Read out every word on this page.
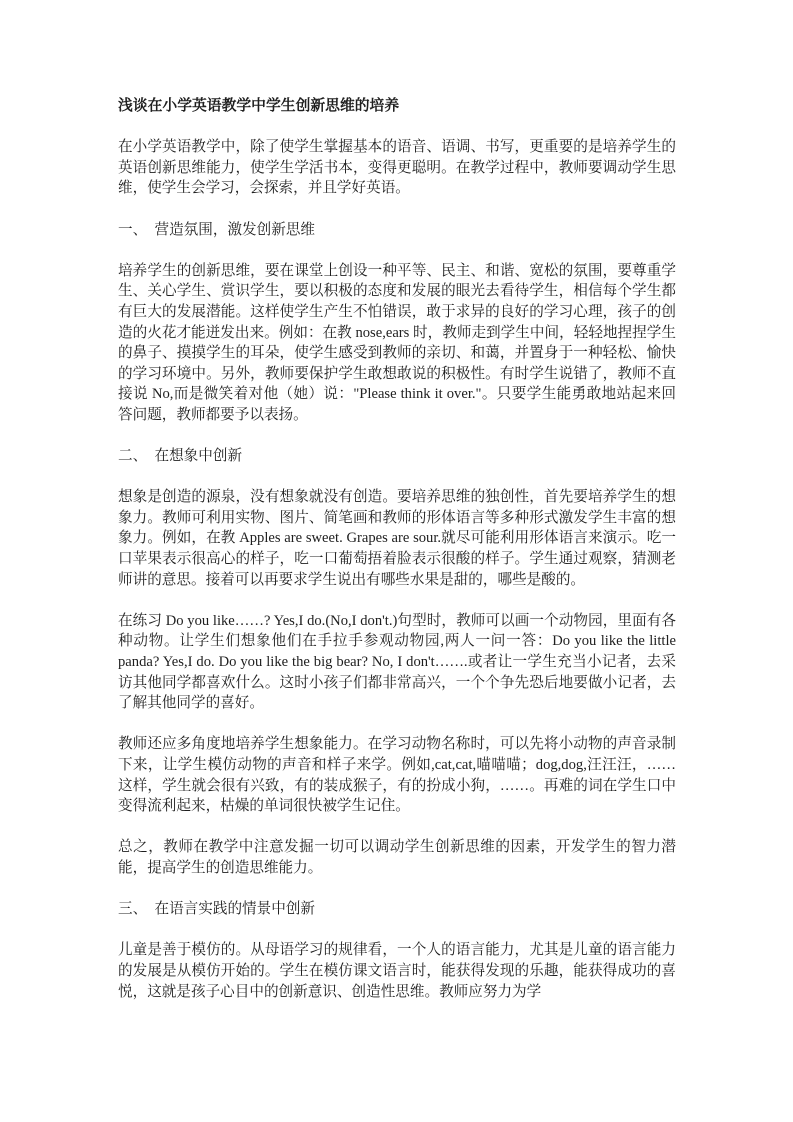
浅谈在小学英语教学中学生创新思维的培养

在小学英语教学中，除了使学生掌握基本的语音、语调、书写，更重要的是培养学生的英语创新思维能力，使学生学活书本，变得更聪明。在教学过程中，教师要调动学生思维，使学生会学习，会探索，并且学好英语。

一、　营造氛围，激发创新思维

培养学生的创新思维，要在课堂上创设一种平等、民主、和谐、宽松的氛围，要尊重学生、关心学生、赏识学生，要以积极的态度和发展的眼光去看待学生，相信每个学生都有巨大的发展潜能。这样使学生产生不怕错误，敢于求异的良好的学习心理，孩子的创造的火花才能迸发出来。例如：在教 nose,ears 时，教师走到学生中间，轻轻地捏捏学生的鼻子、摸摸学生的耳朵，使学生感受到教师的亲切、和蔼，并置身于一种轻松、愉快的学习环境中。另外，教师要保护学生敢想敢说的积极性。有时学生说错了，教师不直接说 No,而是微笑着对他（她）说："Please think it over."。只要学生能勇敢地站起来回答问题，教师都要予以表扬。

二、　在想象中创新

想象是创造的源泉，没有想象就没有创造。要培养思维的独创性，首先要培养学生的想象力。教师可利用实物、图片、简笔画和教师的形体语言等多种形式激发学生丰富的想象力。例如，在教 Apples are sweet. Grapes are sour.就尽可能利用形体语言来演示。吃一口苹果表示很高心的样子，吃一口葡萄捂着脸表示很酸的样子。学生通过观察，猜测老师讲的意思。接着可以再要求学生说出有哪些水果是甜的，哪些是酸的。

在练习 Do you like……? Yes,I do.(No,I don't.)句型时，教师可以画一个动物园，里面有各种动物。让学生们想象他们在手拉手参观动物园,两人一问一答：Do you like the little panda? Yes,I do. Do you like the big bear? No, I don't…….或者让一学生充当小记者，去采访其他同学都喜欢什么。这时小孩子们都非常高兴，一个个争先恐后地要做小记者，去了解其他同学的喜好。

教师还应多角度地培养学生想象能力。在学习动物名称时，可以先将小动物的声音录制下来，让学生模仿动物的声音和样子来学。例如,cat,cat,喵喵喵；dog,dog,汪汪汪，……这样，学生就会很有兴致，有的装成猴子，有的扮成小狗，……。再难的词在学生口中变得流利起来，枯燥的单词很快被学生记住。

总之，教师在教学中注意发掘一切可以调动学生创新思维的因素，开发学生的智力潜能，提高学生的创造思维能力。

三、　在语言实践的情景中创新

儿童是善于模仿的。从母语学习的规律看，一个人的语言能力，尤其是儿童的语言能力的发展是从模仿开始的。学生在模仿课文语言时，能获得发现的乐趣，能获得成功的喜悦，这就是孩子心目中的创新意识、创造性思维。教师应努力为学
